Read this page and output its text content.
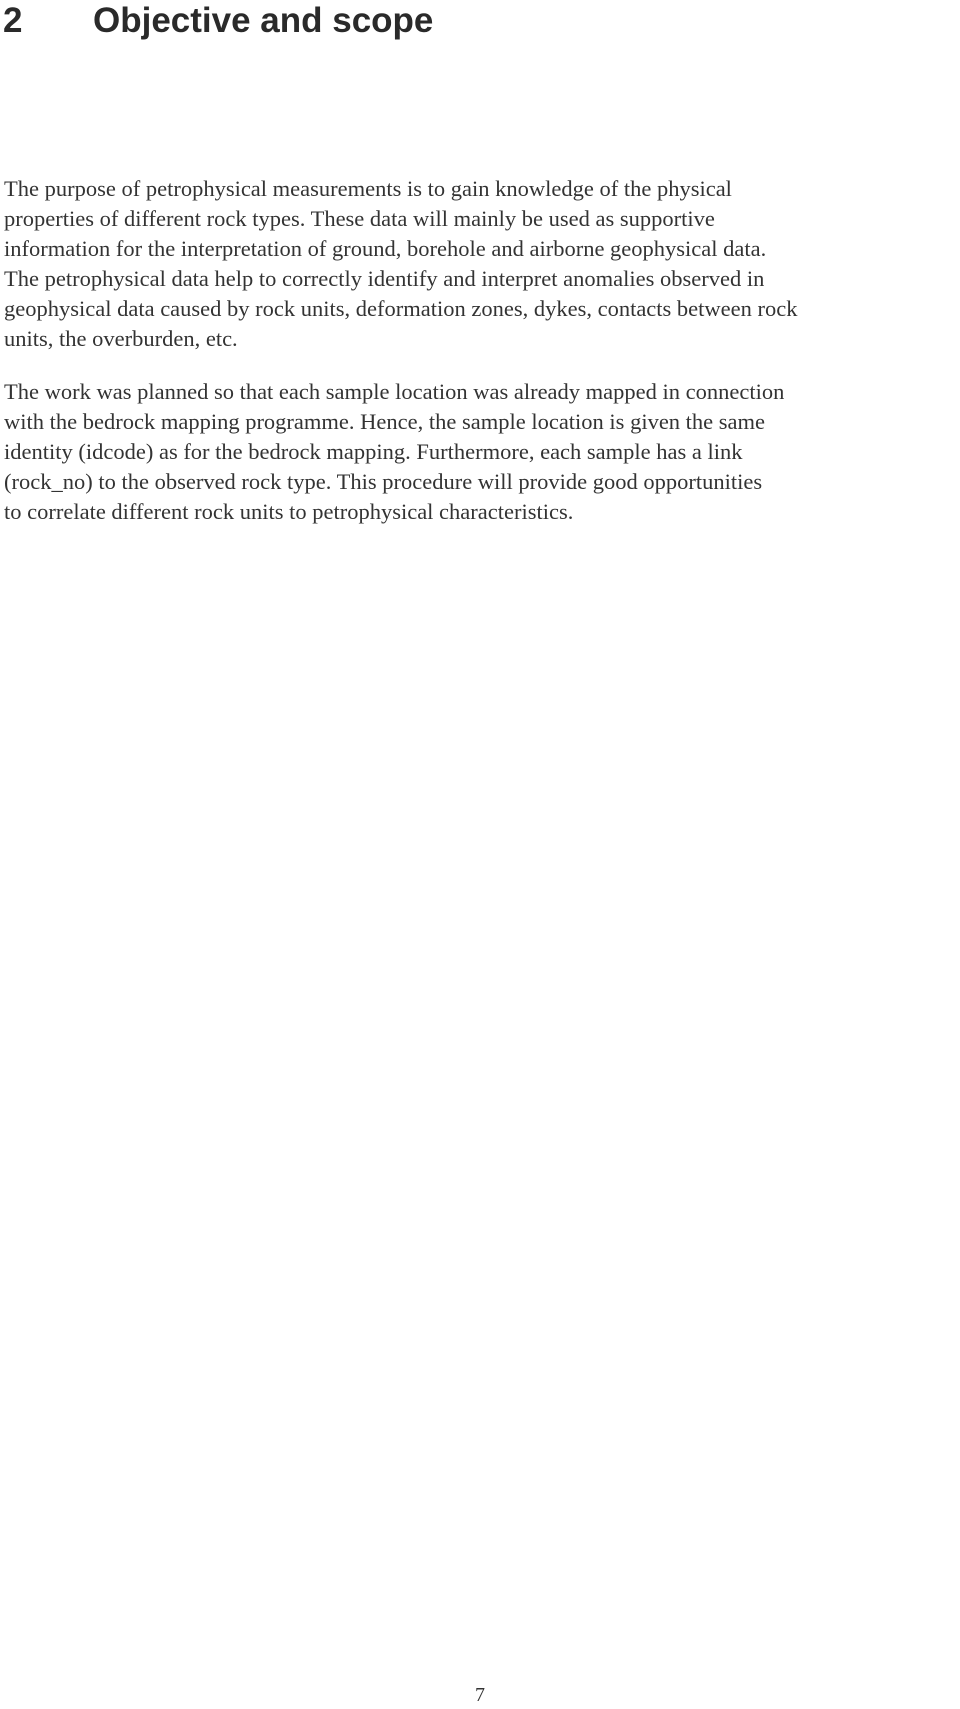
2 Objective and scope

The purpose of petrophysical measurements is to gain knowledge of the physical
properties of different rock types. These data will mainly be used as supportive
information for the interpretation of ground, borehole and airborne geophysical data.
The petrophysical data help to correctly identify and interpret anomalies observed in
geophysical data caused by rock units, deformation zones, dykes, contacts between rock
units, the overburden, etc.

The work was planned so that each sample location was already mapped in connection
with the bedrock mapping programme. Hence, the sample location is given the same
identity (idcode) as for the bedrock mapping. Furthermore, each sample has a link
(rock_no) to the observed rock type. This procedure will provide good opportunities
to correlate different rock units to petrophysical characteristics.

7
